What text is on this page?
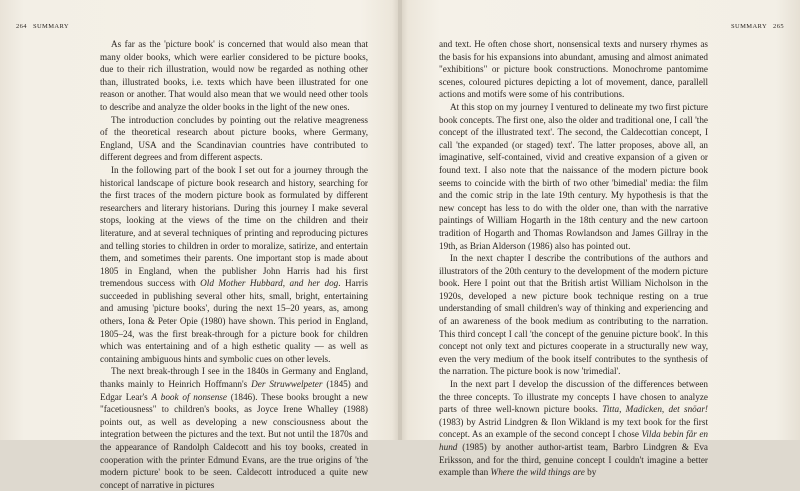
264 SUMMARY

As far as the 'picture book' is concerned that would also mean that many older books, which were earlier considered to be picture books, due to their rich illustration, would now be regarded as nothing other than, illustrated books, i.e. texts which have been illustrated for one reason or another. That would also mean that we would need other tools to describe and analyze the older books in the light of the new ones.

The introduction concludes by pointing out the relative meagreness of the theoretical research about picture books, where Germany, England, USA and the Scandinavian countries have contributed to different degrees and from different aspects.

In the following part of the book I set out for a journey through the historical landscape of picture book research and history, searching for the first traces of the modern picture book as formulated by different researchers and literary historians. During this journey I make several stops, looking at the views of the time on the children and their literature, and at several techniques of printing and reproducing pictures and telling stories to children in order to moralize, satirize, and entertain them, and sometimes their parents. One important stop is made about 1805 in England, when the publisher John Harris had his first tremendous success with Old Mother Hubbard, and her dog. Harris succeeded in publishing several other hits, small, bright, entertaining and amusing 'picture books', during the next 15–20 years, as, among others, Iona & Peter Opie (1980) have shown. This period in England, 1805–24, was the first break-through for a picture book for children which was entertaining and of a high esthetic quality — as well as containing ambiguous hints and symbolic cues on other levels.

The next break-through I see in the 1840s in Germany and England, thanks mainly to Heinrich Hoffmann's Der Struwwelpeter (1845) and Edgar Lear's A book of nonsense (1846). These books brought a new "facetiousness" to children's books, as Joyce Irene Whalley (1988) points out, as well as developing a new consciousness about the integration between the pictures and the text. But not until the 1870s and the appearance of Randolph Caldecott and his toy books, created in cooperation with the printer Edmund Evans, are the true origins of 'the modern picture' book to be seen. Caldecott introduced a quite new concept of narrative in pictures

SUMMARY 265

and text. He often chose short, nonsensical texts and nursery rhymes as the basis for his expansions into abundant, amusing and almost animated "exhibitions" or picture book constructions. Monochrome pantomime scenes, coloured pictures depicting a lot of movement, dance, parallell actions and motifs were some of his contributions.

At this stop on my journey I ventured to delineate my two first picture book concepts. The first one, also the older and traditional one, I call 'the concept of the illustrated text'. The second, the Caldecottian concept, I call 'the expanded (or staged) text'. The latter proposes, above all, an imaginative, self-contained, vivid and creative expansion of a given or found text. I also note that the naissance of the modern picture book seems to coincide with the birth of two other 'bimedial' media: the film and the comic strip in the late 19th century. My hypothesis is that the new concept has less to do with the older one, than with the narrative paintings of William Hogarth in the 18th century and the new cartoon tradition of Hogarth and Thomas Rowlandson and James Gillray in the 19th, as Brian Alderson (1986) also has pointed out.

In the next chapter I describe the contributions of the authors and illustrators of the 20th century to the development of the modern picture book. Here I point out that the British artist William Nicholson in the 1920s, developed a new picture book technique resting on a true understanding of small children's way of thinking and experiencing and of an awareness of the book medium as contributing to the narration. This third concept I call 'the concept of the genuine picture book'. In this concept not only text and pictures cooperate in a structurally new way, even the very medium of the book itself contributes to the synthesis of the narration. The picture book is now 'trimedial'.

In the next part I develop the discussion of the differences between the three concepts. To illustrate my concepts I have chosen to analyze parts of three well-known picture books. Titta, Madicken, det snöar! (1983) by Astrid Lindgren & Ilon Wikland is my text book for the first concept. As an example of the second concept I chose Vilda bebin får en hund (1985) by another author-artist team, Barbro Lindgren & Eva Eriksson, and for the third, genuine concept I couldn't imagine a better example than Where the wild things are by
